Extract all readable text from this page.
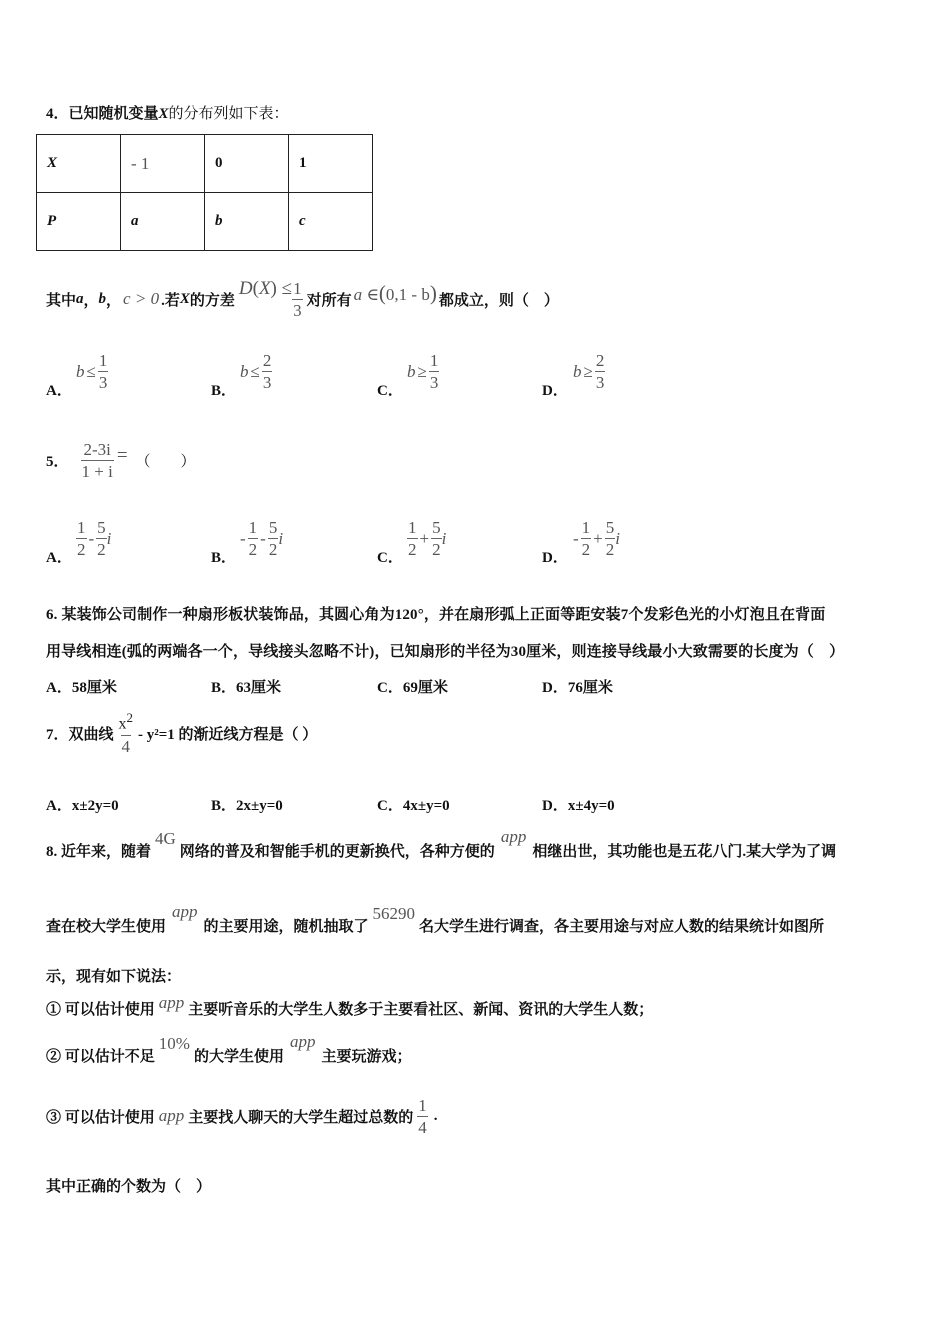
4．已知随机变量X的分布列如下表：
X	- 1	0	1
P	a	b	c
其中 a ， b ， c > 0 .若 X 的方差
$D(X) \le \frac{1}{3}$ 对所有 a ∈(0,1 - b) 都成立，则（　）
A．
$b \le \frac{1}{3}$	B．
$b \le \frac{2}{3}$	C．
$b \ge \frac{1}{3}$	D．
$b \ge \frac{2}{3}$
5． $\frac{2-3i}{1 + i}$ = （　　）
A． $\frac{1}{2} - \frac{5}{2}$ i
B．
- $\frac{1}{2} - \frac{5}{2}$ i
C． $\frac{1}{2} + \frac{5}{2}$ i
D．
- $\frac{1}{2} + \frac{5}{2}$ i
6. 某装饰公司制作一种扇形板状装饰品，其圆心角为120°，并在扇形弧上正面等距安装7个发彩色光的小灯泡且在背面
用导线相连(弧的两端各一个，导线接头忽略不计)，已知扇形的半径为30厘米，则连接导线最小大致需要的长度为（　）
A．58厘米	B．63厘米	C．69厘米	D．76厘米
7．双曲线 $\frac{x^2}{4} - y^2=1$ 的渐近线方程是（ ）
A．x±2y=0	B．2x±y=0	C．4x±y=0	D．x±4y=0
8. 近年来，随着4G网络的普及和智能手机的更新换代，各种方便的app相继出世，其功能也是五花八门.某大学为了调
查在校大学生使用app的主要用途，随机抽取了56290名大学生进行调查，各主要用途与对应人数的结果统计如图所
示，现有如下说法：
① 可以估计使用 app 主要听音乐的大学生人数多于主要看社区、新闻、资讯的大学生人数；
② 可以估计不足10%的大学生使用app主要玩游戏；
③ 可以估计使用 app 主要找人聊天的大学生超过总数的 $\frac{1}{4}$ .
其中正确的个数为（　）
